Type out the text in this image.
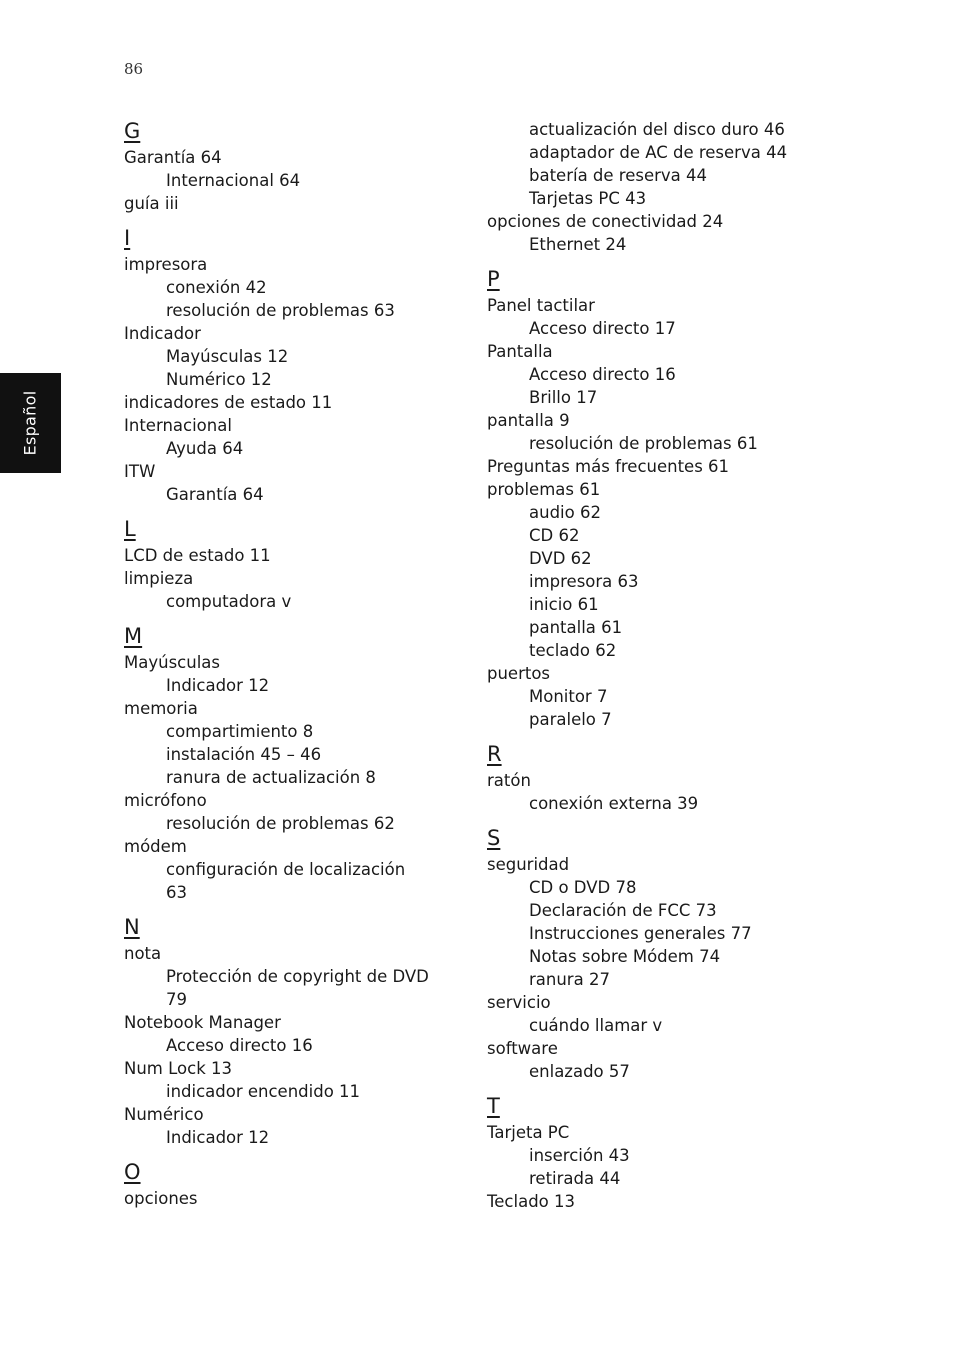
86
Español
G
Garantía 64
Internacional 64
guía iii
I
impresora
conexión 42
resolución de problemas 63
Indicador
Mayúsculas 12
Numérico 12
indicadores de estado 11
Internacional
Ayuda 64
ITW
Garantía 64
L
LCD de estado 11
limpieza
computadora v
M
Mayúsculas
Indicador 12
memoria
compartimiento 8
instalación 45 – 46
ranura de actualización 8
micrófono
resolución de problemas 62
módem
configuración de localización
63
N
nota
Protección de copyright de DVD
79
Notebook Manager
Acceso directo 16
Num Lock 13
indicador encendido 11
Numérico
Indicador 12
O
opciones
actualización del disco duro 46
adaptador de AC de reserva 44
batería de reserva 44
Tarjetas PC 43
opciones de conectividad 24
Ethernet 24
P
Panel tactilar
Acceso directo 17
Pantalla
Acceso directo 16
Brillo 17
pantalla 9
resolución de problemas 61
Preguntas más frecuentes 61
problemas 61
audio 62
CD 62
DVD 62
impresora 63
inicio 61
pantalla 61
teclado 62
puertos
Monitor 7
paralelo 7
R
ratón
conexión externa 39
S
seguridad
CD o DVD 78
Declaración de FCC 73
Instrucciones generales 77
Notas sobre Módem 74
ranura 27
servicio
cuándo llamar v
software
enlazado 57
T
Tarjeta PC
inserción 43
retirada 44
Teclado 13
